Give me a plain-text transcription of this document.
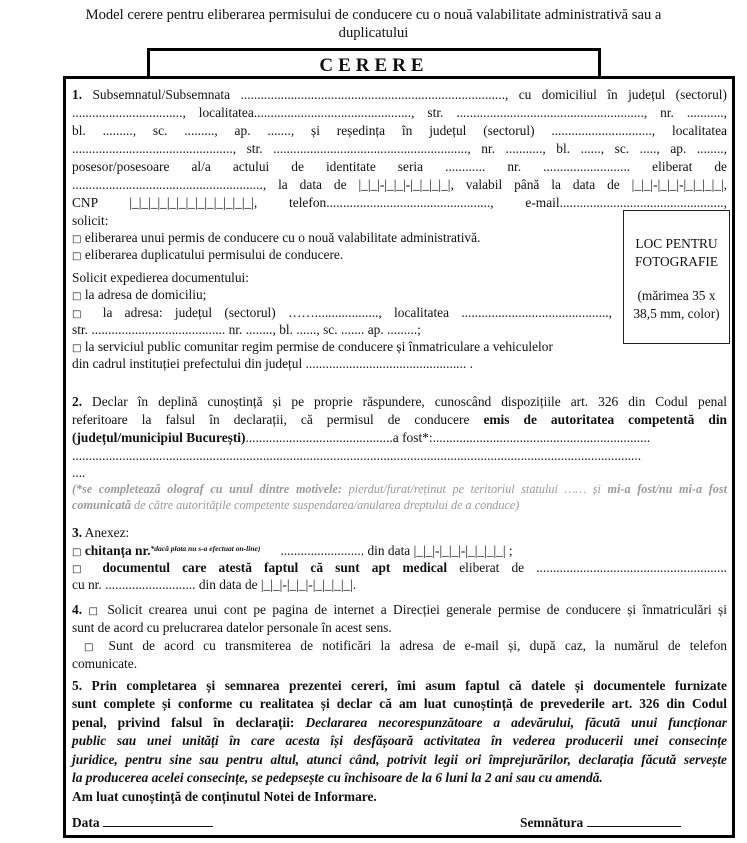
Model cerere pentru eliberarea permisului de conducere cu o nouă valabilitate administrativă sau a
duplicatului
CERERE
LOC PENTRU
FOTOGRAFIE
(mărimea 35 x
38,5 mm, color)
1. Subsemnatul/Subsemnata ..............................................................................., cu domiciliul în județul (sectorul)
................................., localitatea..............................................., str. ........................................................, nr. ...........,
bl. ........., sc. ........., ap. ......., și reședința în județul (sectorul) .............................., localitatea
................................................, str. .........................................................., nr. ..........., bl. ......, sc. ....., ap. ........,
posesor/posesoare al/a actului de identitate seria ............ nr. .......................... eliberat de
........................................................., la data de |_|_|-|_|_|-|_|_|_|_|, valabil până la data de |_|_|-|_|_|-|_|_|_|_|,
CNP |_|_|_|_|_|_|_|_|_|_|_|_|_|, telefon................................................., e-mail.................................................,
solicit:
□ eliberarea unui permis de conducere cu o nouă valabilitate administrativă.
□ eliberarea duplicatului permisului de conducere.
Solicit expedierea documentului:
□ la adresa de domiciliu;
□ la adresa: județul (sectorul) ……..................., localitatea ............................................,
str. ........................................ nr. ........, bl. ......, sc. ....... ap. .........;
□ la serviciul public comunitar regim permise de conducere și înmatriculare a vehiculelor
din cadrul instituției prefectului din județul ................................................ .
2. Declar în deplină cunoștință și pe proprie răspundere, cunoscând dispozițiile art. 326 din Codul penal
referitoare la falsul în declarații, că permisul de conducere emis de autoritatea competentă din
(județul/municipiul București)............................................a fost*:.................................................................
..........................................................................................................................................................................
....
(*se completează olograf cu unul dintre motivele: pierdut/furat/reținut pe teritoriul statului …… și mi-a fost/nu mi-a fost
comunicată de către autoritățile competente suspendarea/anularea dreptului de a conduce)
3. Anexez:
□ chitanța nr.$^{*dacă plata nu s-a efectuat on-line)}$ ......................... din data |_|_|-|_|_|-|_|_|_|_| ;
□ documentul care atestă faptul că sunt apt medical eliberat de .........................................................
cu nr. ........................... din data de |_|_|-|_|_|-|_|_|_|_|.
4. □ Solicit crearea unui cont pe pagina de internet a Direcției generale permise de conducere și înmatriculări și
sunt de acord cu prelucrarea datelor personale în acest sens.
□ Sunt de acord cu transmiterea de notificări la adresa de e-mail și, după caz, la numărul de telefon
comunicate.
5. Prin completarea și semnarea prezentei cereri, îmi asum faptul că datele și documentele furnizate
sunt complete și conforme cu realitatea și declar că am luat cunoștință de prevederile art. 326 din Codul
penal, privind falsul în declarații: Declararea necorespunzătoare a adevărului, făcută unui funcționar
public sau unei unități în care acesta își desfășoară activitatea în vederea producerii unei consecințe
juridice, pentru sine sau pentru altul, atunci când, potrivit legii ori împrejurărilor, declarația făcută servește
la producerea acelei consecințe, se pedepsește cu închisoare de la 6 luni la 2 ani sau cu amendă.
Am luat cunoștință de conținutul Notei de Informare.
Data	Semnătura
